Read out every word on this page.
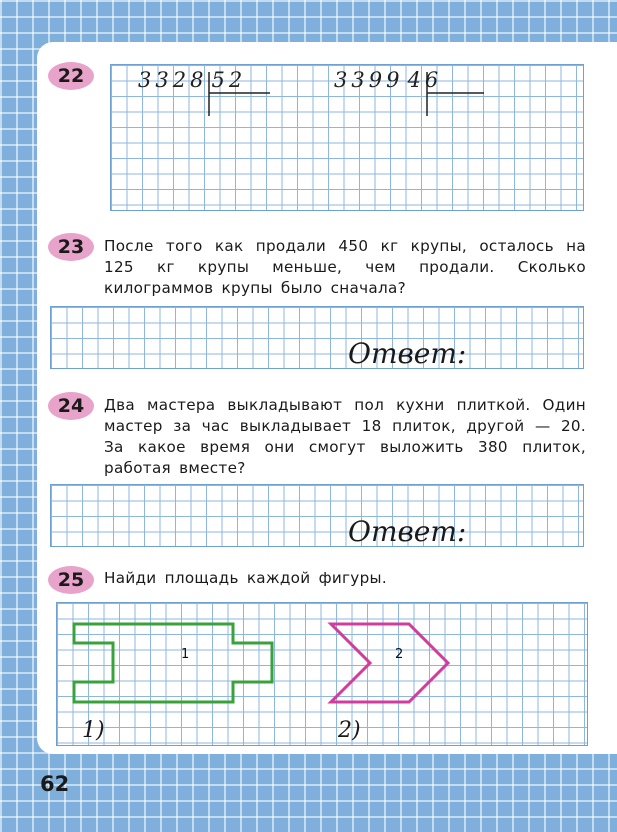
22	3328 52	3399 46
23	После того как продали 450 кг крупы, осталось на 125 кг крупы меньше, чем продали. Сколько килограммов крупы было сначала?
Ответ:
24	Два мастера выкладывают пол кухни плиткой. Один мастер за час выкладывает 18 плиток, другой — 20. За какое время они смогут выложить 380 плиток, работая вместе?
Ответ:
25	Найди площадь каждой фигуры.
1	2
1)	2)
62
